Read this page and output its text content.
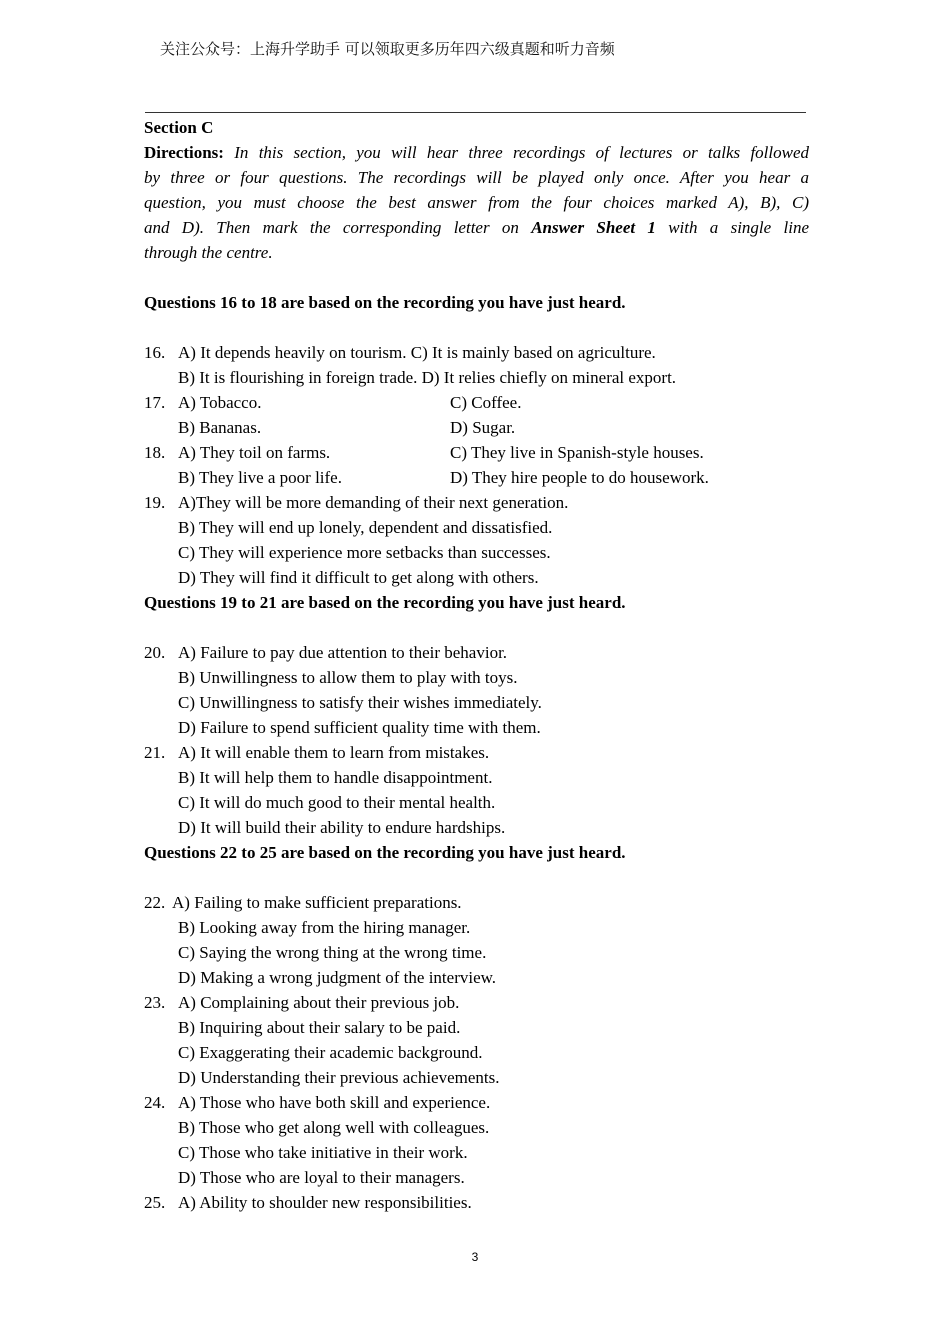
关注公众号：上海升学助手 可以领取更多历年四六级真题和听力音频
Section C
Directions: In this section, you will hear three recordings of lectures or talks followed
by three or four questions. The recordings will be played only once. After you hear a
question, you must choose the best answer from the four choices marked A), B), C)
and D). Then mark the corresponding letter on Answer Sheet 1 with a single line
through the centre.
Questions 16 to 18 are based on the recording you have just heard.
16. A) It depends heavily on tourism. C) It is mainly based on agriculture.
B) It is flourishing in foreign trade. D) It relies chiefly on mineral export.
17. A) Tobacco.	C) Coffee.
B) Bananas.	D) Sugar.
18. A) They toil on farms.	C) They live in Spanish-style houses.
B) They live a poor life.	D) They hire people to do housework.
19. A)They will be more demanding of their next generation.
B) They will end up lonely, dependent and dissatisfied.
C) They will experience more setbacks than successes.
D) They will find it difficult to get along with others.
Questions 19 to 21 are based on the recording you have just heard.
20. A) Failure to pay due attention to their behavior.
B) Unwillingness to allow them to play with toys.
C) Unwillingness to satisfy their wishes immediately.
D) Failure to spend sufficient quality time with them.
21. A) It will enable them to learn from mistakes.
B) It will help them to handle disappointment.
C) It will do much good to their mental health.
D) It will build their ability to endure hardships.
Questions 22 to 25 are based on the recording you have just heard.
22. A) Failing to make sufficient preparations.
B) Looking away from the hiring manager.
C) Saying the wrong thing at the wrong time.
D) Making a wrong judgment of the interview.
23. A) Complaining about their previous job.
B) Inquiring about their salary to be paid.
C) Exaggerating their academic background.
D) Understanding their previous achievements.
24. A) Those who have both skill and experience.
B) Those who get along well with colleagues.
C) Those who take initiative in their work.
D) Those who are loyal to their managers.
25. A) Ability to shoulder new responsibilities.
3
